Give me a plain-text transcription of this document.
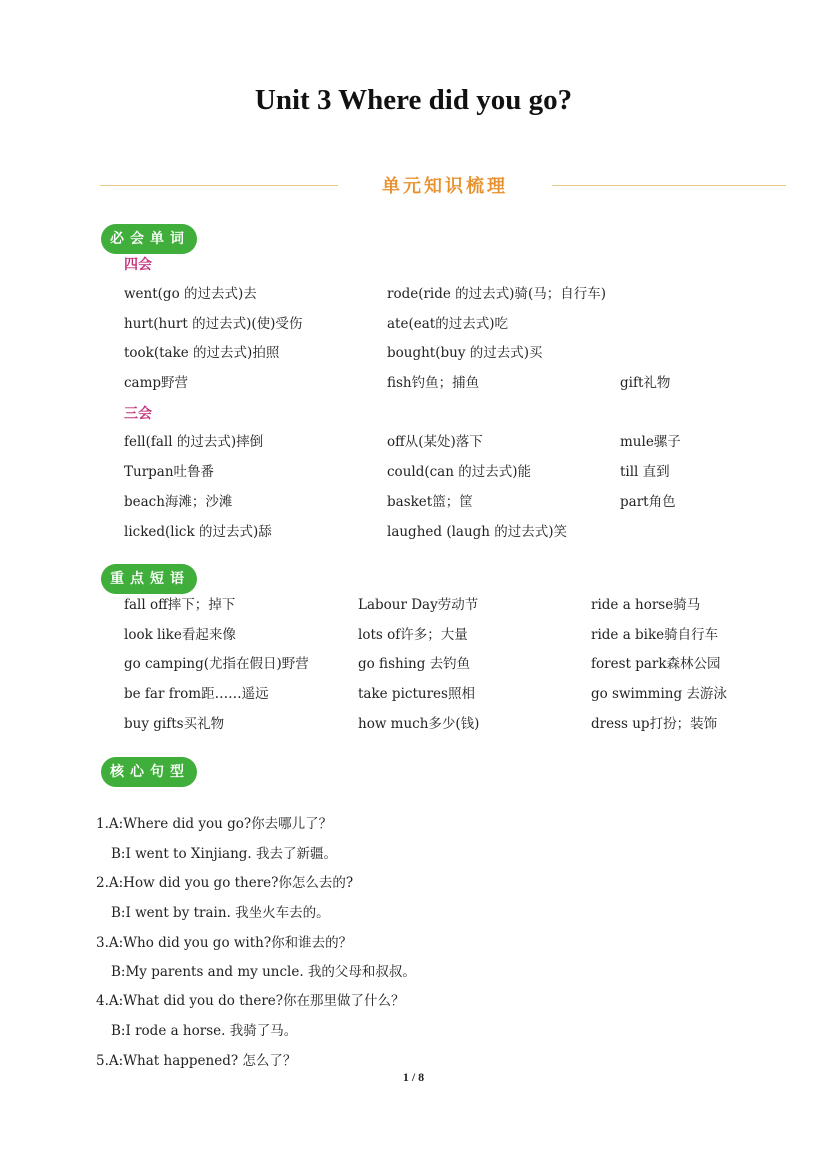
Unit 3 Where did you go?
单元知识梳理
必会单词
四会
went(go 的过去式)去	rode(ride 的过去式)骑(马；自行车)
hurt(hurt 的过去式)(使)受伤	ate(eat的过去式)吃
took(take 的过去式)拍照	bought(buy 的过去式)买
camp野营	fish钓鱼；捕鱼	gift礼物
三会
fell(fall 的过去式)摔倒	off从(某处)落下	mule骡子
Turpan吐鲁番	could(can 的过去式)能	till 直到
beach海滩；沙滩	basket篮；筐	part角色
licked(lick 的过去式)舔	laughed (laugh 的过去式)笑
重点短语
fall off摔下；掉下	Labour Day劳动节	ride a horse骑马
look like看起来像	lots of许多；大量	ride a bike骑自行车
go camping(尤指在假日)野营	go fishing 去钓鱼	forest park森林公园
be far from距……遥远	take pictures照相	go swimming 去游泳
buy gifts买礼物	how much多少(钱)	dress up打扮；装饰
核心句型
1.A:Where did you go?你去哪儿了？
B:I went to Xinjiang. 我去了新疆。
2.A:How did you go there?你怎么去的?
B:I went by train. 我坐火车去的。
3.A:Who did you go with?你和谁去的？
B:My parents and my uncle. 我的父母和叔叔。
4.A:What did you do there?你在那里做了什么？
B:I rode a horse. 我骑了马。
5.A:What happened? 怎么了？
1 / 8
